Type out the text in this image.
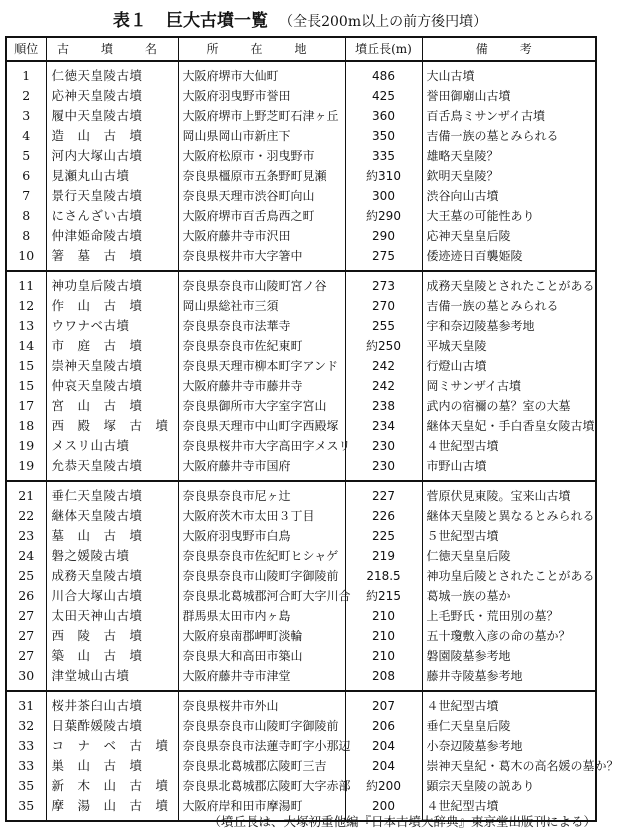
表１ 巨大古墳一覧 （全長200m以上の前方後円墳）
順位	古　墳　名	所　在　地	墳丘長(m)	備　考
1	仁徳天皇陵古墳	大阪府堺市大仙町	486	大山古墳
2	応神天皇陵古墳	大阪府羽曳野市誉田	425	誉田御廟山古墳
3	履中天皇陵古墳	大阪府堺市上野芝町石津ヶ丘	360	百舌鳥ミサンザイ古墳
4	造　山　古　墳	岡山県岡山市新庄下	350	吉備一族の墓とみられる
5	河内大塚山古墳	大阪府松原市・羽曳野市	335	雄略天皇陵？
6	見瀬丸山古墳	奈良県橿原市五条野町見瀬	約310	欽明天皇陵？
7	景行天皇陵古墳	奈良県天理市渋谷町向山	300	渋谷向山古墳
8	にさんざい古墳	大阪府堺市百舌鳥西之町	約290	大王墓の可能性あり
8	仲津姫命陵古墳	大阪府藤井寺市沢田	290	応神天皇皇后陵
10	箸　墓　古　墳	奈良県桜井市大字箸中	275	倭迹迹日百襲姫陵
11	神功皇后陵古墳	奈良県奈良市山陵町宮ノ谷	273	成務天皇陵とされたことがある
12	作　山　古　墳	岡山県総社市三須	270	吉備一族の墓とみられる
13	ウワナベ古墳	奈良県奈良市法華寺	255	宇和奈辺陵墓参考地
14	市　庭　古　墳	奈良県奈良市佐紀東町	約250	平城天皇陵
15	崇神天皇陵古墳	奈良県天理市柳本町字アンド	242	行燈山古墳
15	仲哀天皇陵古墳	大阪府藤井寺市藤井寺	242	岡ミサンザイ古墳
17	宮　山　古　墳	奈良県御所市大字室字宮山	238	武内の宿禰の墓？室の大墓
18	西　殿　塚　古　墳	奈良県天理市中山町字西殿塚	234	継体天皇妃・手白香皇女陵古墳
19	メスリ山古墳	奈良県桜井市大字高田字メスリ	230	４世紀型古墳
19	允恭天皇陵古墳	大阪府藤井寺市国府	230	市野山古墳
21	垂仁天皇陵古墳	奈良県奈良市尼ヶ辻	227	菅原伏見東陵。宝来山古墳
22	継体天皇陵古墳	大阪府茨木市太田３丁目	226	継体天皇陵と異なるとみられる
23	墓　山　古　墳	大阪府羽曳野市白鳥	225	５世紀型古墳
24	磐之媛陵古墳	奈良県奈良市佐紀町ヒシャゲ	219	仁徳天皇皇后陵
25	成務天皇陵古墳	奈良県奈良市山陵町字御陵前	218.5	神功皇后陵とされたことがある
26	川合大塚山古墳	奈良県北葛城郡河合町大字川合	約215	葛城一族の墓か
27	太田天神山古墳	群馬県太田市内ヶ島	210	上毛野氏・荒田別の墓？
27	西　陵　古　墳	大阪府泉南郡岬町淡輪	210	五十瓊敷入彦の命の墓か？
27	築　山　古　墳	奈良県大和高田市築山	210	磐園陵墓参考地
30	津堂城山古墳	大阪府藤井寺市津堂	208	藤井寺陵墓参考地
31	桜井茶臼山古墳	奈良県桜井市外山	207	４世紀型古墳
32	日葉酢媛陵古墳	奈良県奈良市山陵町字御陵前	206	垂仁天皇皇后陵
33	コ　ナ　ベ　古　墳	奈良県奈良市法蓮寺町字小那辺	204	小奈辺陵墓参考地
33	巣　山　古　墳	奈良県北葛城郡広陵町三吉	204	崇神天皇紀・葛木の高名媛の墓か？
35	新　木　山　古　墳	奈良県北葛城郡広陵町大字赤部	約200	顕宗天皇陵の説あり
35	摩　湯　山　古　墳	大阪府岸和田市摩湯町	200	４世紀型古墳
（墳丘長は、大塚初重他編『日本古墳大辞典』東京堂出版刊による）
